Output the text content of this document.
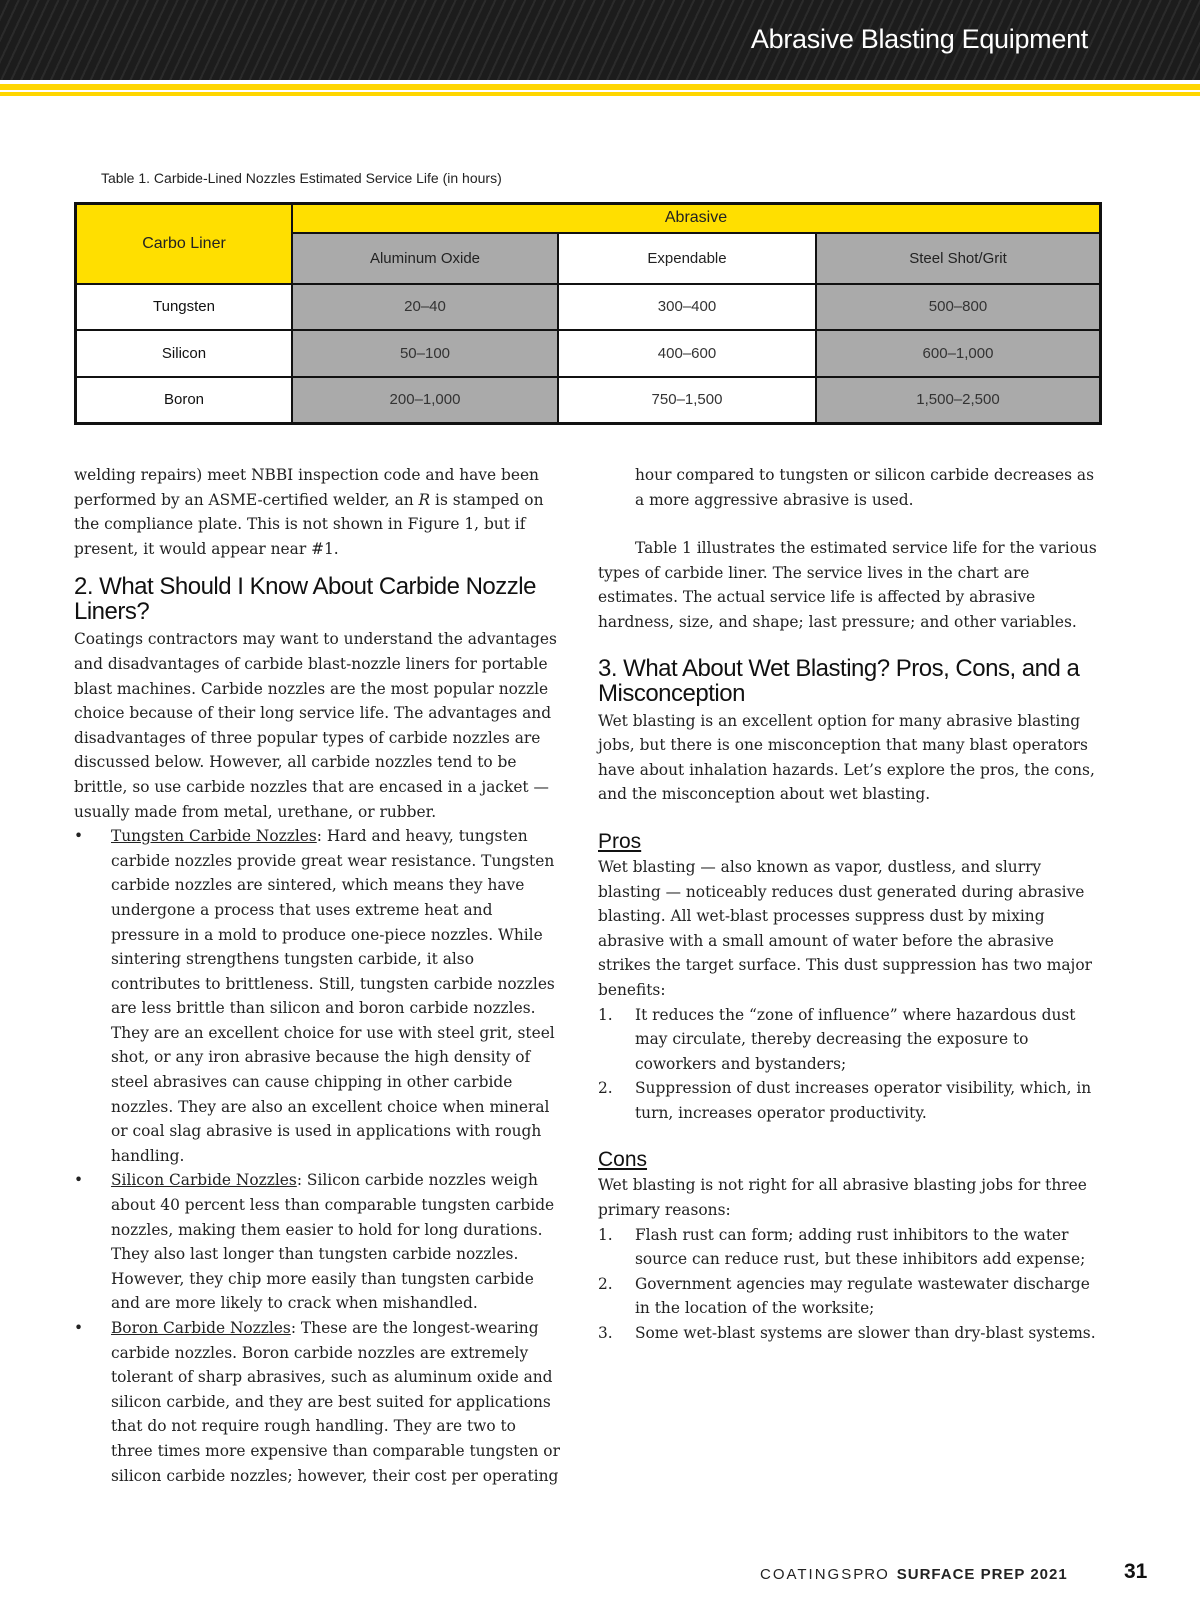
Abrasive Blasting Equipment
Table 1. Carbide-Lined Nozzles Estimated Service Life (in hours)
Carbo Liner	Abrasive		
	Aluminum Oxide	Expendable	Steel Shot/Grit
Tungsten	20–40	300–400	500–800
Silicon	50–100	400–600	600–1,000
Boron	200–1,000	750–1,500	1,500–2,500

welding repairs) meet NBBI inspection code and have been performed by an ASME-certified welder, an R is stamped on the compliance plate. This is not shown in Figure 1, but if present, it would appear near #1.

2. What Should I Know About Carbide Nozzle Liners?

Coatings contractors may want to understand the advantages and disadvantages of carbide blast-nozzle liners for portable blast machines. Carbide nozzles are the most popular nozzle choice because of their long service life. The advantages and disadvantages of three popular types of carbide nozzles are discussed below. However, all carbide nozzles tend to be brittle, so use carbide nozzles that are encased in a jacket — usually made from metal, urethane, or rubber.

• Tungsten Carbide Nozzles: Hard and heavy, tungsten carbide nozzles provide great wear resistance. Tungsten carbide nozzles are sintered, which means they have undergone a process that uses extreme heat and pressure in a mold to produce one-piece nozzles. While sintering strengthens tungsten carbide, it also contributes to brittleness. Still, tungsten carbide nozzles are less brittle than silicon and boron carbide nozzles. They are an excellent choice for use with steel grit, steel shot, or any iron abrasive because the high density of steel abrasives can cause chipping in other carbide nozzles. They are also an excellent choice when mineral or coal slag abrasive is used in applications with rough handling.
• Silicon Carbide Nozzles: Silicon carbide nozzles weigh about 40 percent less than comparable tungsten carbide nozzles, making them easier to hold for long durations. They also last longer than tungsten carbide nozzles. However, they chip more easily than tungsten carbide and are more likely to crack when mishandled.
• Boron Carbide Nozzles: These are the longest-wearing carbide nozzles. Boron carbide nozzles are extremely tolerant of sharp abrasives, such as aluminum oxide and silicon carbide, and they are best suited for applications that do not require rough handling. They are two to three times more expensive than comparable tungsten or silicon carbide nozzles; however, their cost per operating

hour compared to tungsten or silicon carbide decreases as a more aggressive abrasive is used.

Table 1 illustrates the estimated service life for the various types of carbide liner. The service lives in the chart are estimates. The actual service life is affected by abrasive hardness, size, and shape; last pressure; and other variables.

3. What About Wet Blasting? Pros, Cons, and a Misconception

Wet blasting is an excellent option for many abrasive blasting jobs, but there is one misconception that many blast operators have about inhalation hazards. Let’s explore the pros, the cons, and the misconception about wet blasting.

Pros

Wet blasting — also known as vapor, dustless, and slurry blasting — noticeably reduces dust generated during abrasive blasting. All wet-blast processes suppress dust by mixing abrasive with a small amount of water before the abrasive strikes the target surface. This dust suppression has two major benefits:

1. It reduces the “zone of influence” where hazardous dust may circulate, thereby decreasing the exposure to coworkers and bystanders;
2. Suppression of dust increases operator visibility, which, in turn, increases operator productivity.
Cons

Wet blasting is not right for all abrasive blasting jobs for three primary reasons:

1. Flash rust can form; adding rust inhibitors to the water source can reduce rust, but these inhibitors add expense;
2. Government agencies may regulate wastewater discharge in the location of the worksite;
3. Some wet-blast systems are slower than dry-blast systems.
COATINGSPRO SURFACE PREP 2021	31
